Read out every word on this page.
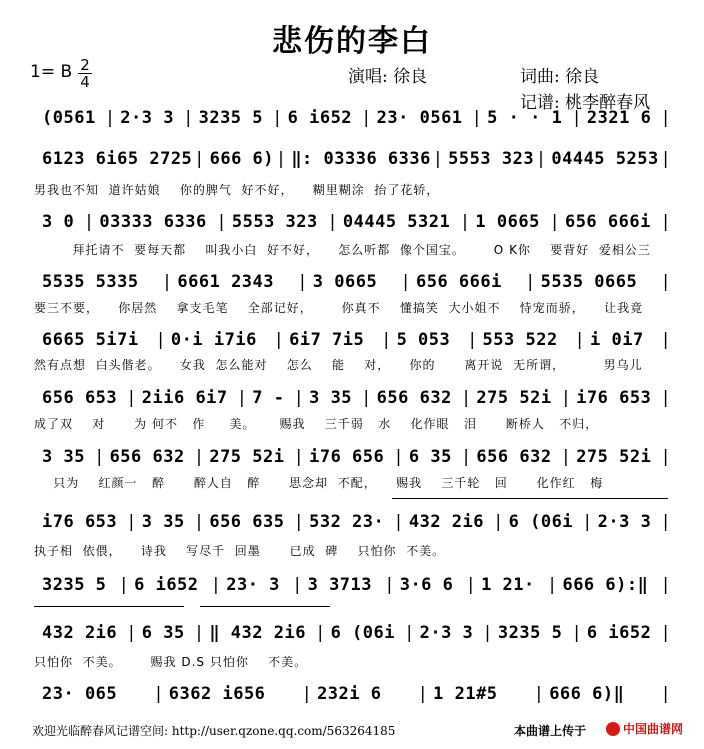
悲伤的李白
1= B 2
4	演唱: 徐良	词曲: 徐良
记谱: 桃李醉春风
(0561 | 2·3 3 | 3235 5 | 6 i652 | 23· 0561 | 5 · · 1 | 2321 6 |
6123 6i65 2725 | 666 6) | ‖: 03336 6336 | 5553 323 | 04445 5253 |
男我也不知  道许姑娘    你的脾气  好不好，    糊里糊涂  抬了花轿，
3 0 | 03333 6336 | 5553 323 | 04445 5321 | 1 0665 | 656 666i |
拜托请不  要每天都    叫我小白  好不好，    怎么听都  像个国宝。      O K你    要背好  爱相公三
5535 5335	| 6661 2343	| 3 0665	| 656 666i	| 5535 0665	|
要三不要，    你居然    拿支毛笔    全部记好，      你真不    懂搞笑  大小姐不    恃宠而骄，    让我竟
6665 5i7i	| 0·i i7i6	| 6i7 7i5	| 5 053	| 553 522	| i 0i7	|
然有点想  白头偕老。    女我  怎么能对    怎么    能    对，    你的      离开说  无所谓，        男乌儿
656 653 | 2ii6 6i7 | 7 - | 3 35 | 656 632 | 275 52i | i76 653 |
成了双    对      为 何不   作     美。     赐我    三千弱   水    化作眼   泪      断桥人   不归，
3 35 | 656 632 | 275 52i | i76 656 | 6 35 | 656 632 | 275 52i |
只为    红颜一   醉      醉人自   醉      思念却  不配，    赐我    三千轮   回      化作红   梅
i76 653 | 3 35 | 656 635 | 532 23· | 432 2i6 | 6 (06i | 2·3 3 |
执子相  依偎，    诗我    写尽千  回墨      已成  碑    只怕你  不美。
3235 5 | 6 i652 | 23· 3 | 3 3713 | 3·6 6 | 1 21· | 666 6):‖ |
432 2i6 | 6 35 | ‖ 432 2i6 | 6 (06i | 2·3 3 | 3235 5 | 6 i652 |
只怕你  不美。      赐我 D.S 只怕你    不美。
23· 065	| 6362 i656	| 232i 6	| 1 21#5	| 666 6)‖	|
欢迎光临醉春风记谱空间: http://user.qzone.qq.com/563264185	本曲谱上传于	中国曲谱网
